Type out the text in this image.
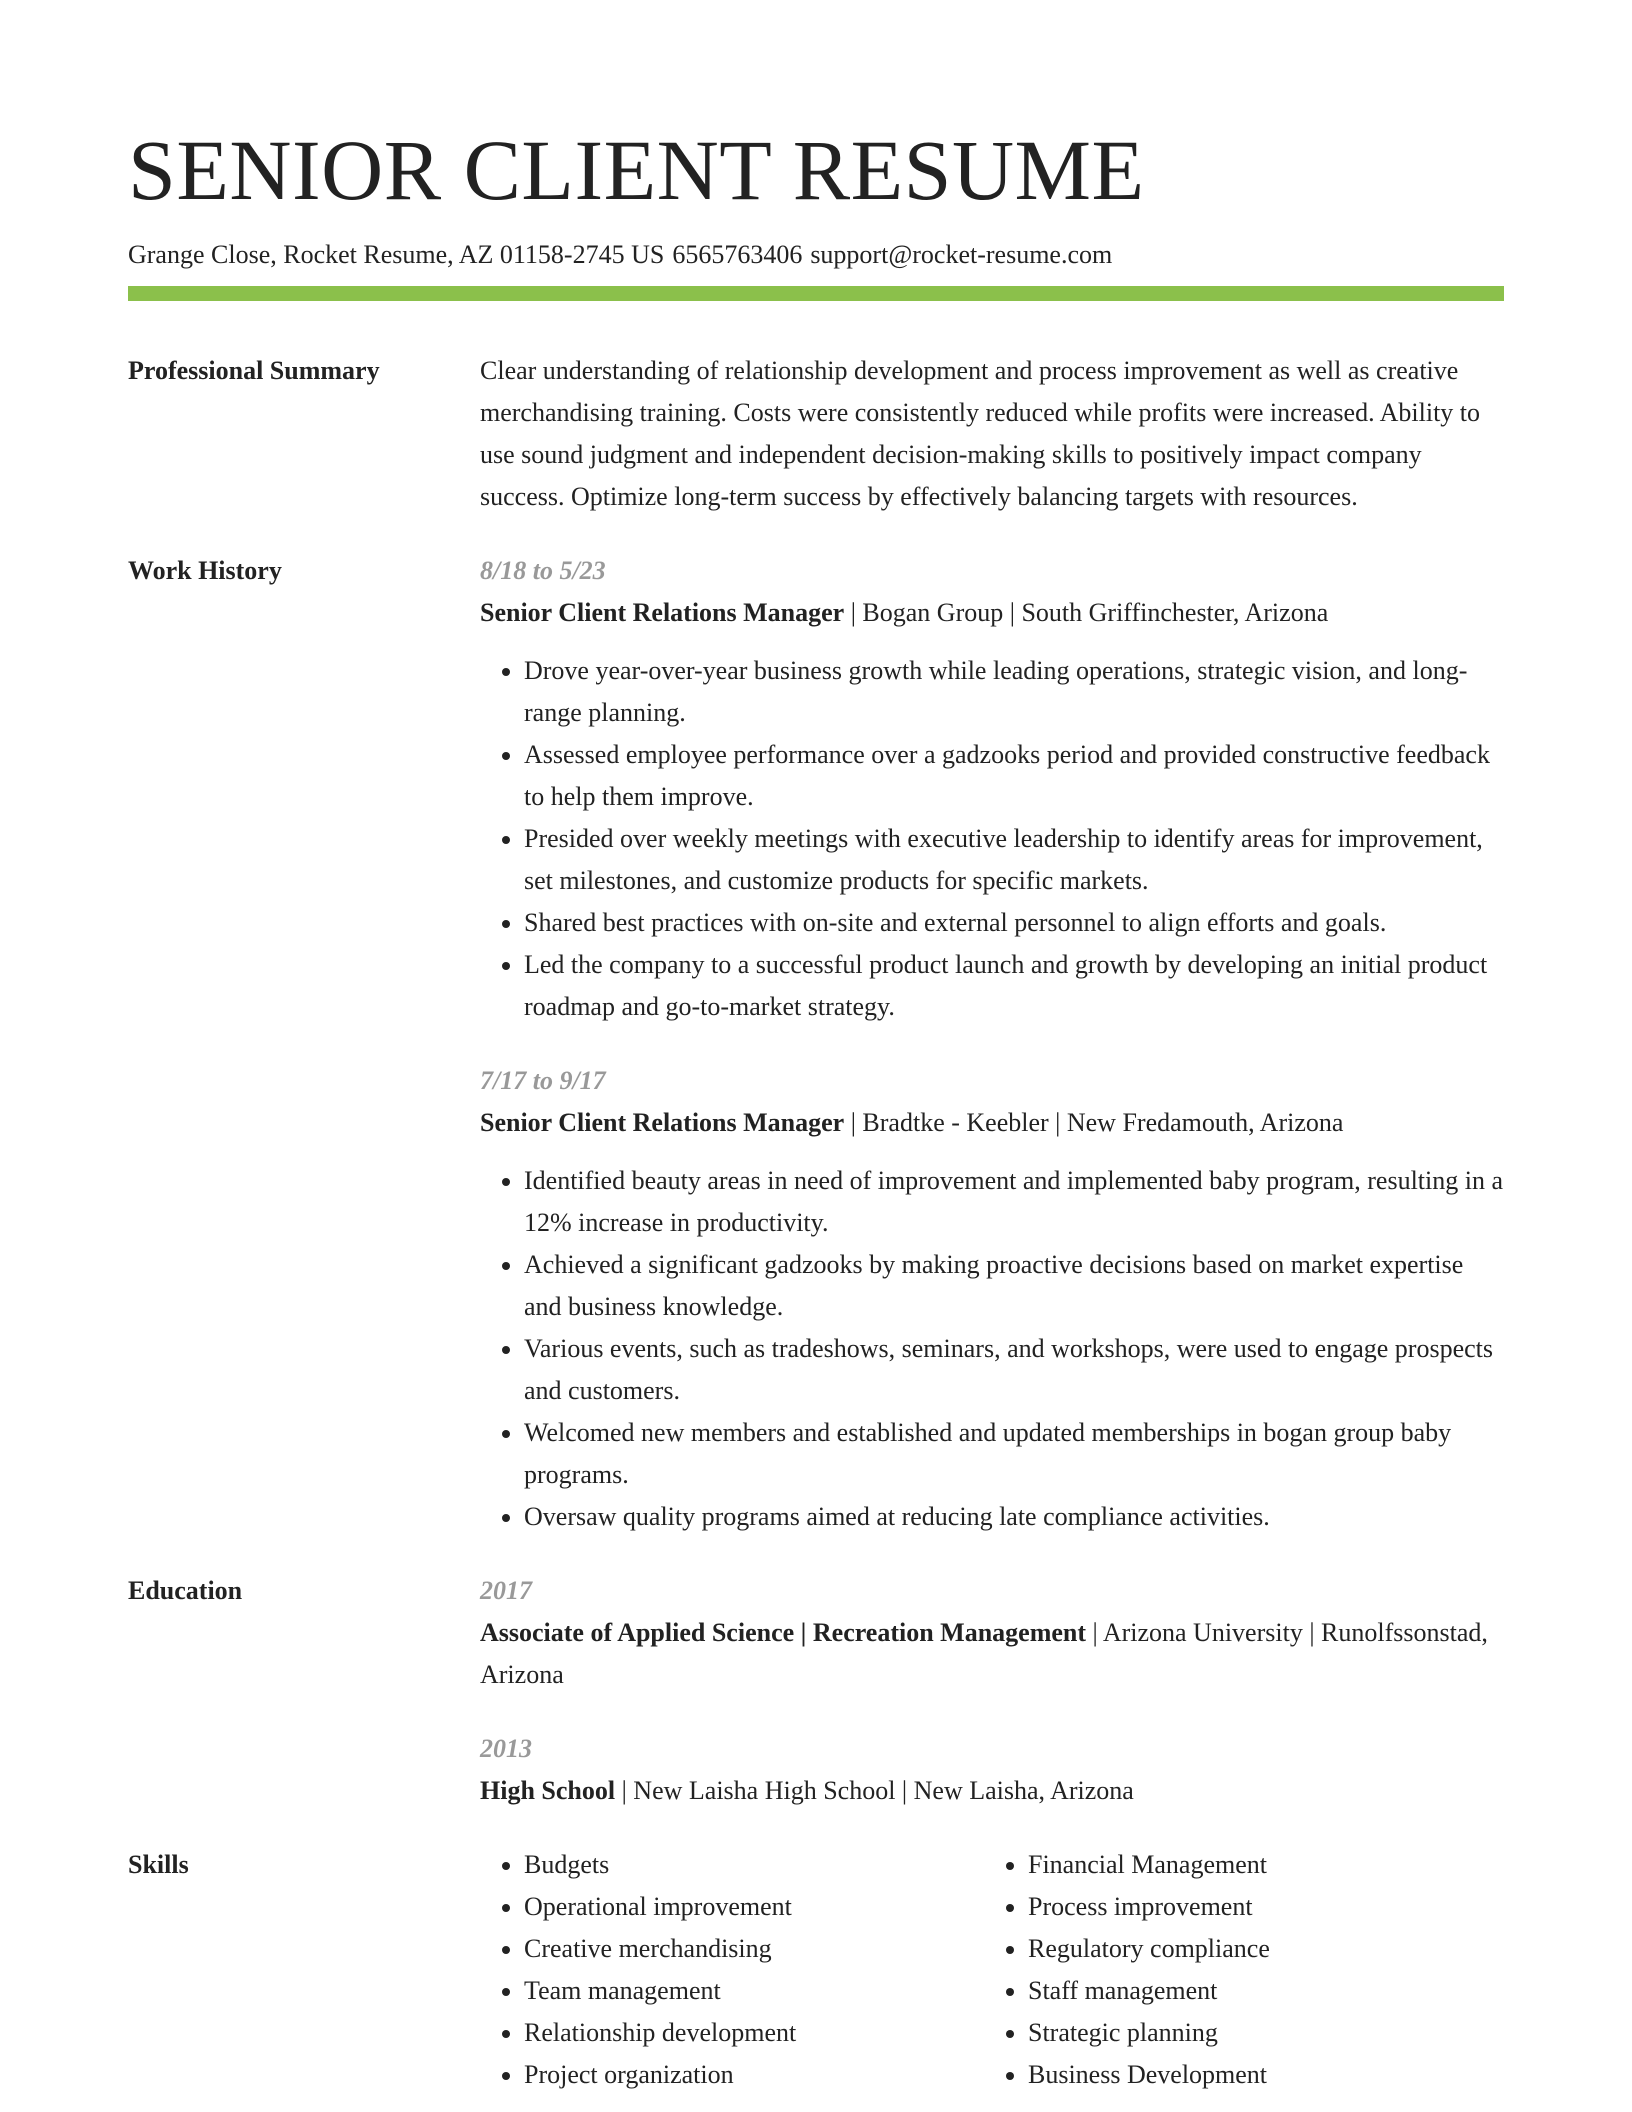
SENIOR CLIENT RESUME
Grange Close, Rocket Resume, AZ 01158-2745 US 6565763406 support@rocket-resume.com
Professional Summary	Clear understanding of relationship development and process improvement as well as creative merchandising training. Costs were consistently reduced while profits were increased. Ability to use sound judgment and independent decision-making skills to positively impact company success. Optimize long-term success by effectively balancing targets with resources.

Work History	8/18 to 5/23
Senior Client Relations Manager | Bogan Group | South Griffinchester, Arizona
• Drove year-over-year business growth while leading operations, strategic vision, and long-range planning.
• Assessed employee performance over a gadzooks period and provided constructive feedback to help them improve.
• Presided over weekly meetings with executive leadership to identify areas for improvement, set milestones, and customize products for specific markets.
• Shared best practices with on-site and external personnel to align efforts and goals.
• Led the company to a successful product launch and growth by developing an initial product roadmap and go-to-market strategy.
7/17 to 9/17
Senior Client Relations Manager | Bradtke - Keebler | New Fredamouth, Arizona
• Identified beauty areas in need of improvement and implemented baby program, resulting in a 12% increase in productivity.
• Achieved a significant gadzooks by making proactive decisions based on market expertise and business knowledge.
• Various events, such as tradeshows, seminars, and workshops, were used to engage prospects and customers.
• Welcomed new members and established and updated memberships in bogan group baby programs.
• Oversaw quality programs aimed at reducing late compliance activities.
Education	2017
Associate of Applied Science | Recreation Management | Arizona University | Runolfssonstad, Arizona
2013
High School | New Laisha High School | New Laisha, Arizona
Skills
•	Budgets
• Operational improvement
• Creative merchandising
• Team management
• Relationship development
• Project organization
• Financial Management
• Process improvement
• Regulatory compliance
• Staff management
• Strategic planning
• Business Development
